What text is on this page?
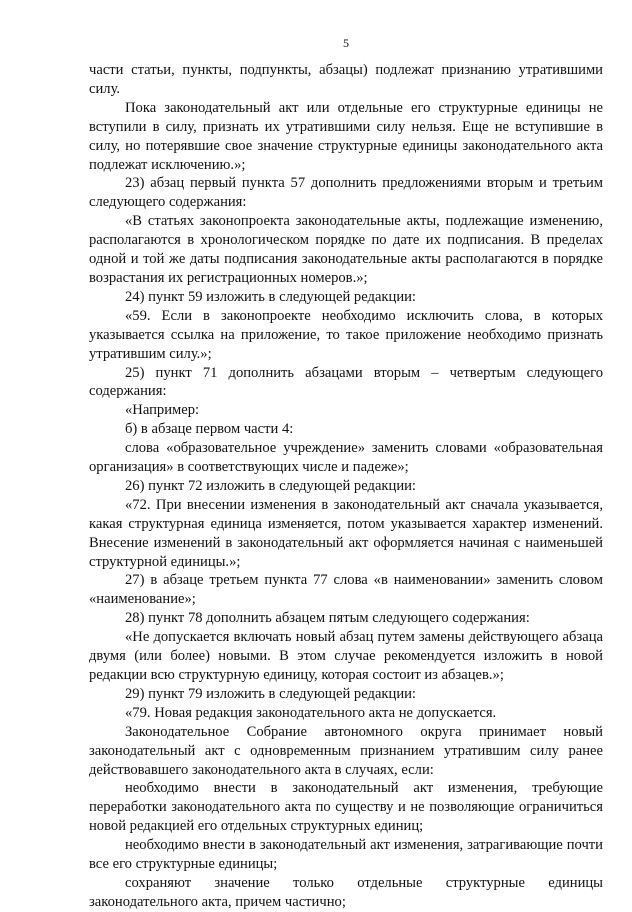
5

части статьи, пункты, подпункты, абзацы) подлежат признанию утратившими силу.

Пока законодательный акт или отдельные его структурные единицы не вступили в силу, признать их утратившими силу нельзя. Еще не вступившие в силу, но потерявшие свое значение структурные единицы законодательного акта подлежат исключению.»;

23) абзац первый пункта 57 дополнить предложениями вторым и третьим следующего содержания:

«В статьях законопроекта законодательные акты, подлежащие изменению, располагаются в хронологическом порядке по дате их подписания. В пределах одной и той же даты подписания законодательные акты располагаются в порядке возрастания их регистрационных номеров.»;

24) пункт 59 изложить в следующей редакции:

«59. Если в законопроекте необходимо исключить слова, в которых указывается ссылка на приложение, то такое приложение необходимо признать утратившим силу.»;

25) пункт 71 дополнить абзацами вторым – четвертым следующего содержания:

«Например:

б) в абзаце первом части 4:

слова «образовательное учреждение» заменить словами «образовательная организация» в соответствующих числе и падеже»;

26) пункт 72 изложить в следующей редакции:

«72. При внесении изменения в законодательный акт сначала указывается, какая структурная единица изменяется, потом указывается характер изменений. Внесение изменений в законодательный акт оформляется начиная с наименьшей структурной единицы.»;

27) в абзаце третьем пункта 77 слова «в наименовании» заменить словом «наименование»;

28) пункт 78 дополнить абзацем пятым следующего содержания:

«Не допускается включать новый абзац путем замены действующего абзаца двумя (или более) новыми. В этом случае рекомендуется изложить в новой редакции всю структурную единицу, которая состоит из абзацев.»;

29) пункт 79 изложить в следующей редакции:

«79. Новая редакция законодательного акта не допускается.

Законодательное Собрание автономного округа принимает новый законодательный акт с одновременным признанием утратившим силу ранее действовавшего законодательного акта в случаях, если:

необходимо внести в законодательный акт изменения, требующие переработки законодательного акта по существу и не позволяющие ограничиться новой редакцией его отдельных структурных единиц;

необходимо внести в законодательный акт изменения, затрагивающие почти все его структурные единицы;

сохраняют значение только отдельные структурные единицы законодательного акта, причем частично;
